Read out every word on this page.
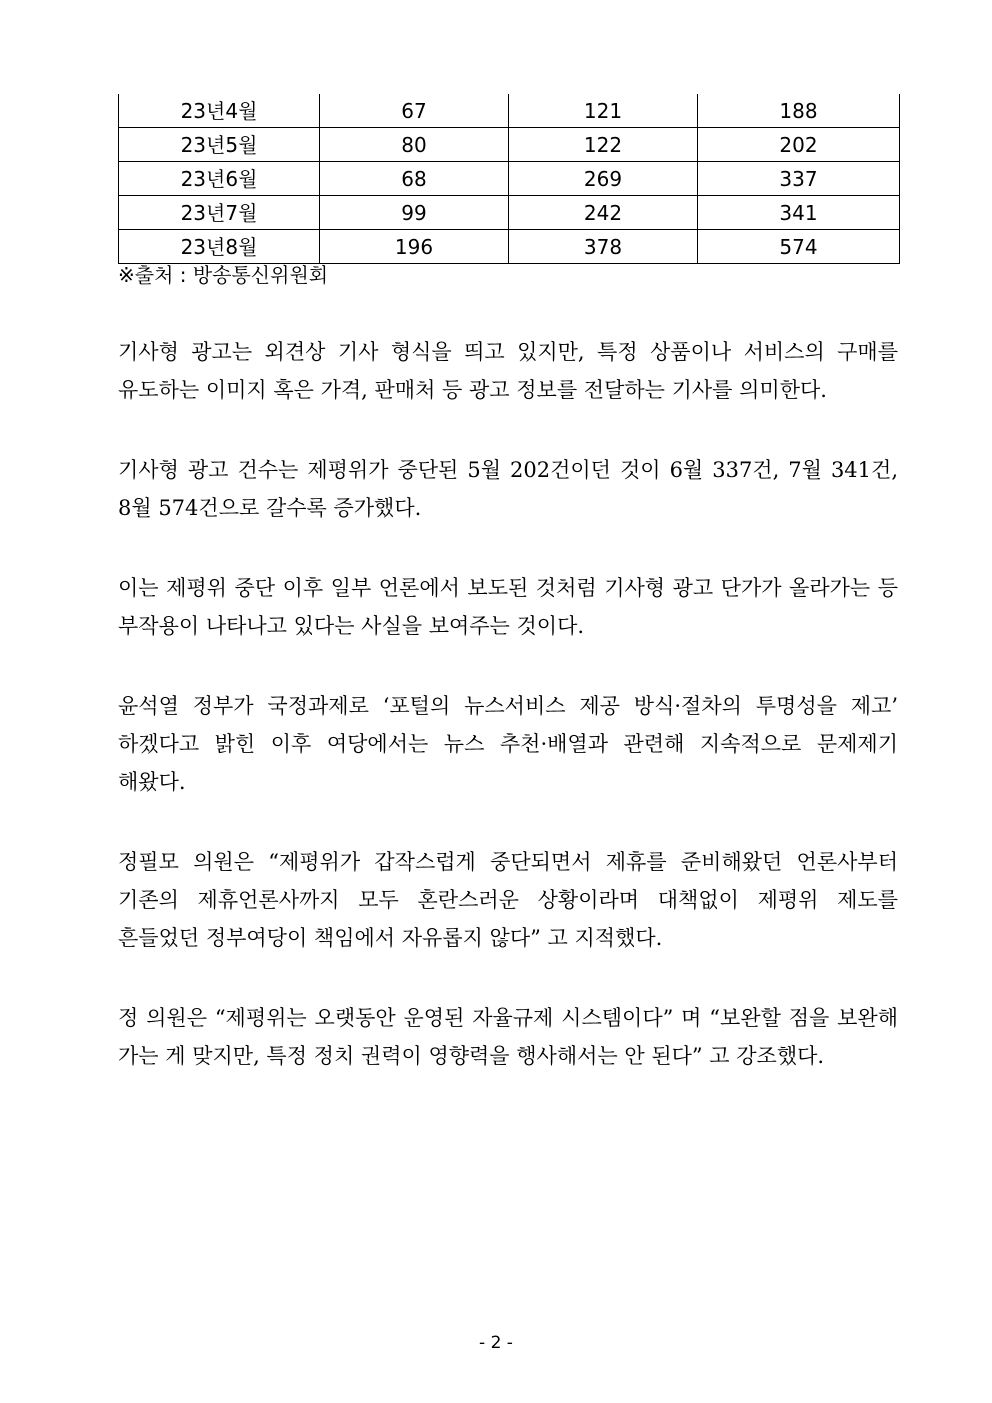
23년4월	67	121	188
23년5월	80	122	202
23년6월	68	269	337
23년7월	99	242	341
23년8월	196	378	574
※출처 : 방송통신위원회

기사형 광고는 외견상 기사 형식을 띄고 있지만, 특정 상품이나 서비스의 구매를 유도하는 이미지 혹은 가격, 판매처 등 광고 정보를 전달하는 기사를 의미한다.

기사형 광고 건수는 제평위가 중단된 5월 202건이던 것이 6월 337건, 7월 341건, 8월 574건으로 갈수록 증가했다.

이는 제평위 중단 이후 일부 언론에서 보도된 것처럼 기사형 광고 단가가 올라가는 등 부작용이 나타나고 있다는 사실을 보여주는 것이다.

윤석열 정부가 국정과제로 ‘포털의 뉴스서비스 제공 방식·절차의 투명성을 제고’ 하겠다고 밝힌 이후 여당에서는 뉴스 추천·배열과 관련해 지속적으로 문제제기 해왔다.

정필모 의원은 “제평위가 갑작스럽게 중단되면서 제휴를 준비해왔던 언론사부터 기존의 제휴언론사까지 모두 혼란스러운 상황이라며 대책없이 제평위 제도를 흔들었던 정부여당이 책임에서 자유롭지 않다” 고 지적했다.

정 의원은 “제평위는 오랫동안 운영된 자율규제 시스템이다” 며 “보완할 점을 보완해 가는 게 맞지만, 특정 정치 권력이 영향력을 행사해서는 안 된다” 고 강조했다.

- 2 -
